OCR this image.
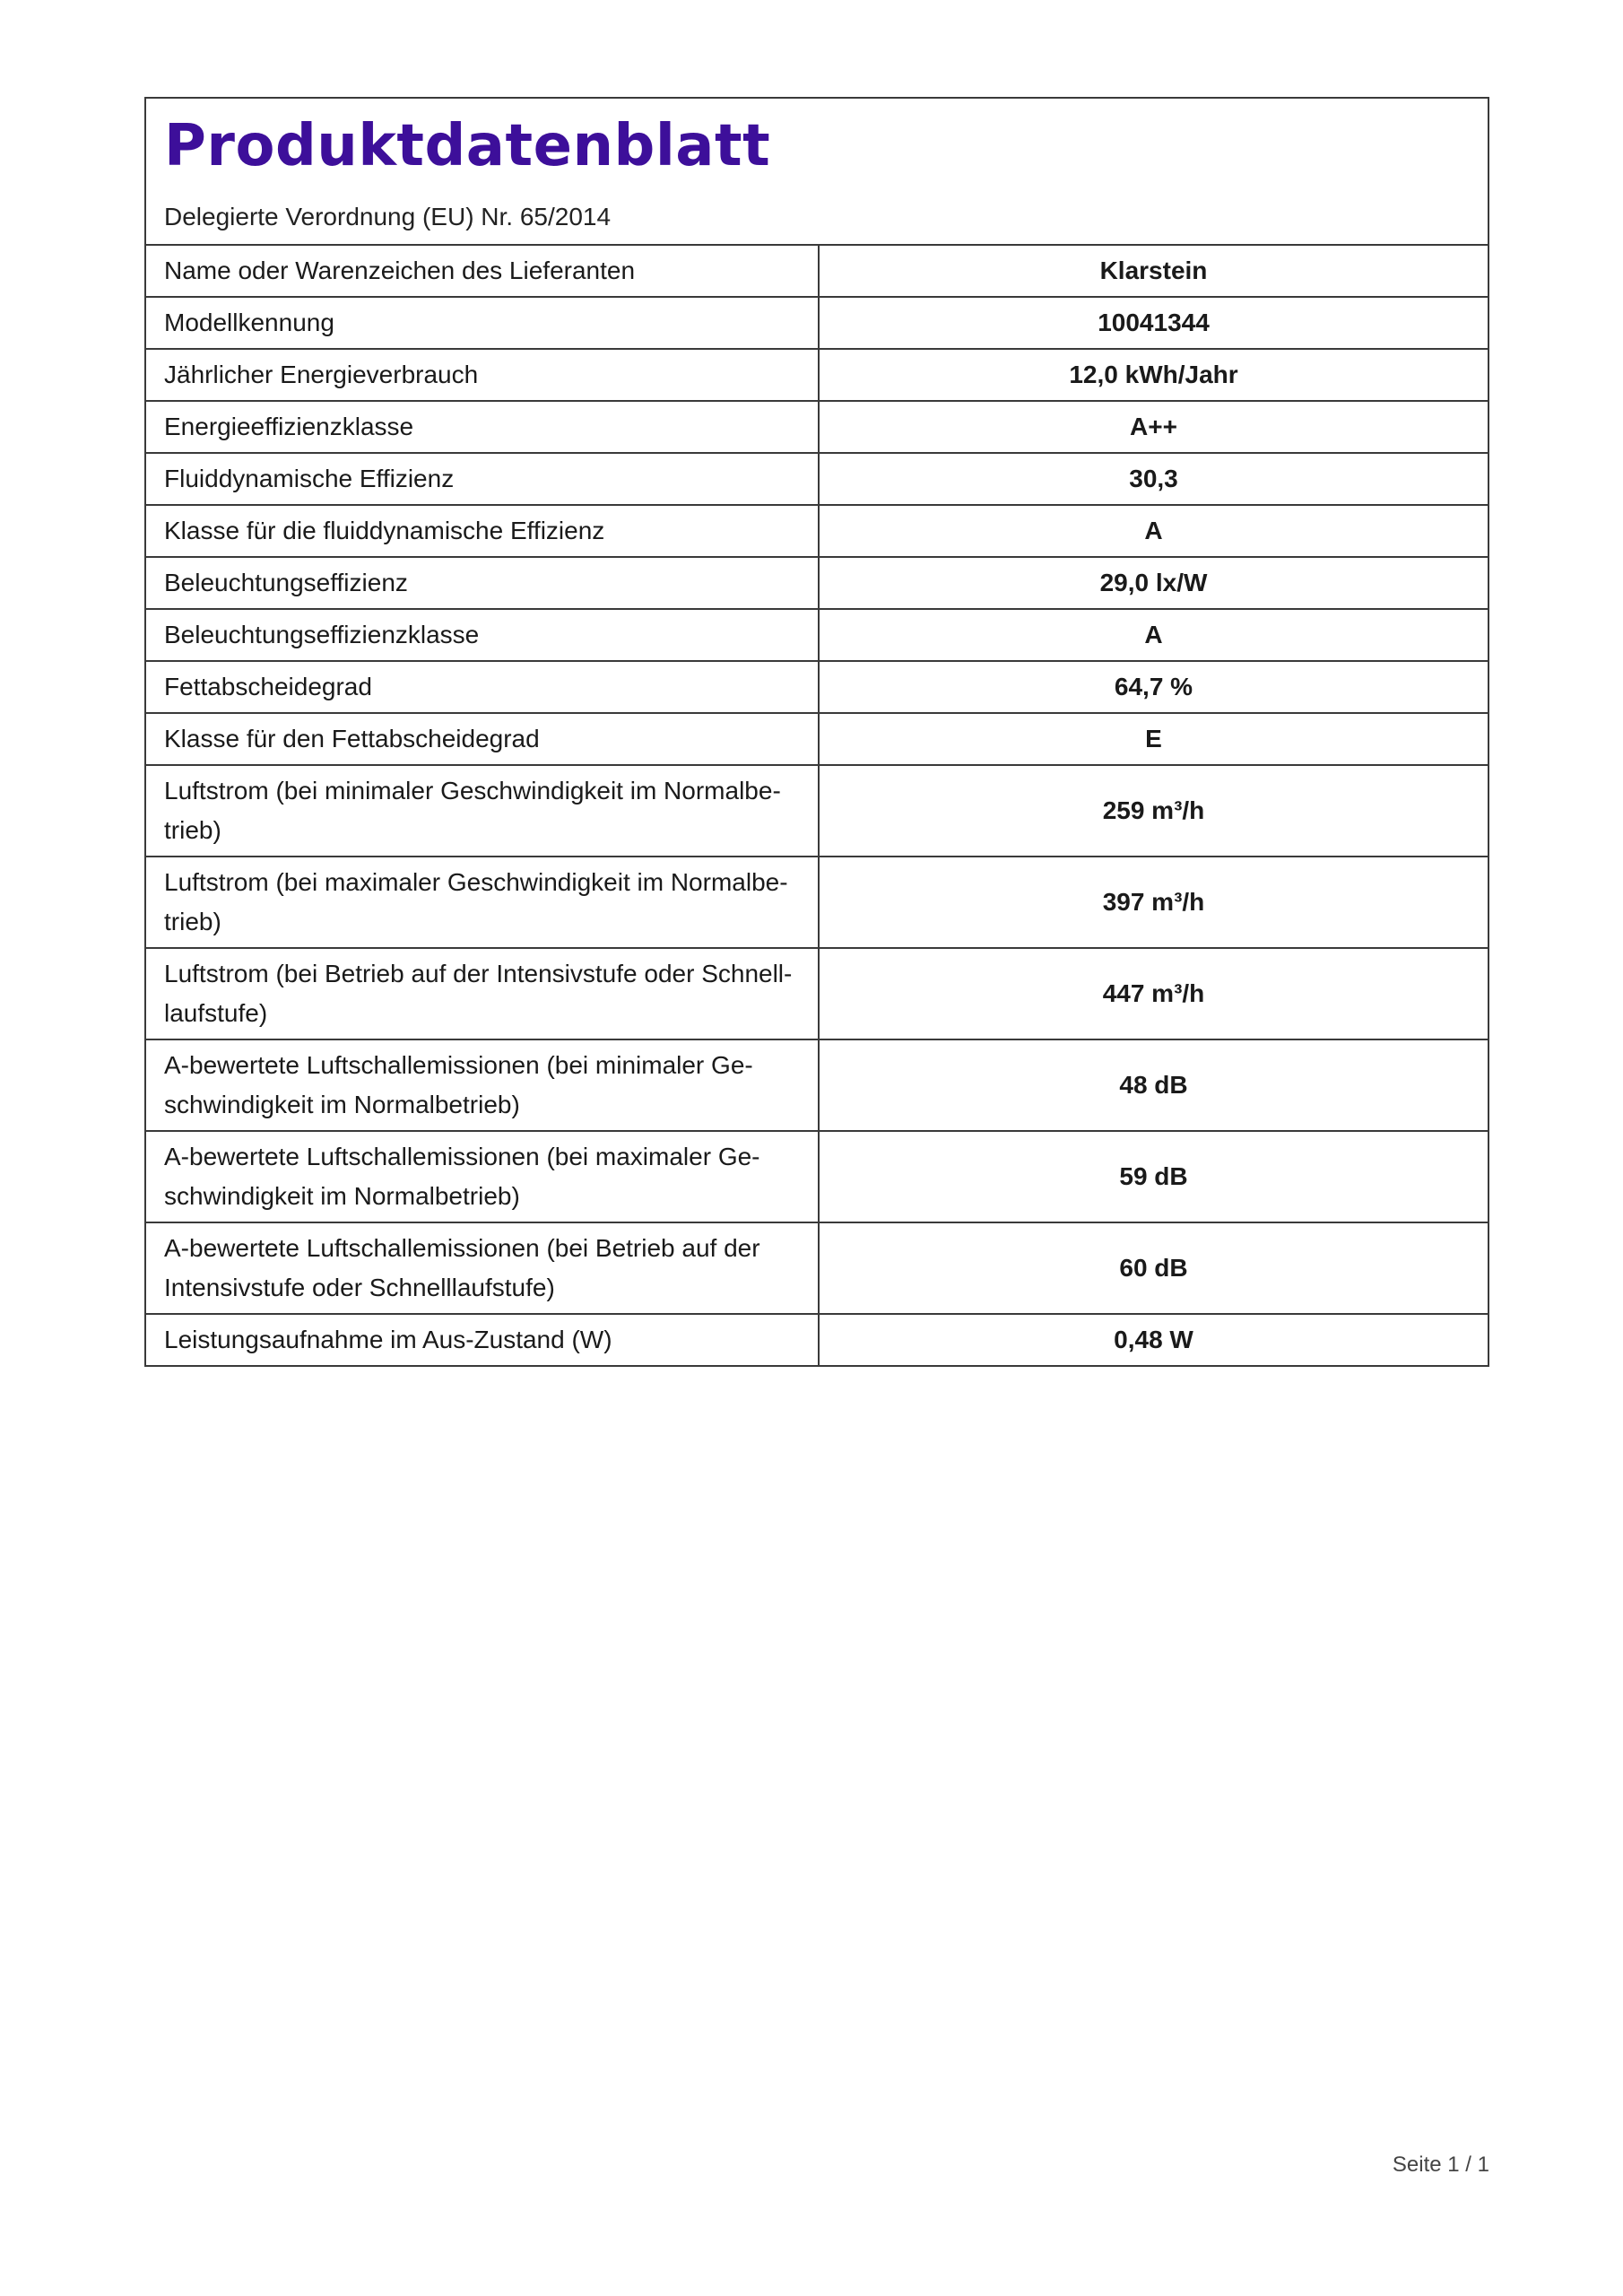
Produktdatenblatt
Delegierte Verordnung (EU) Nr. 65/2014
Name oder Warenzeichen des Lieferanten	Klarstein
Modellkennung	10041344
Jährlicher Energieverbrauch	12,0 kWh/Jahr
Energieeffizienzklasse	A++
Fluiddynamische Effizienz	30,3
Klasse für die fluiddynamische Effizienz	A
Beleuchtungseffizienz	29,0 lx/W
Beleuchtungseffizienzklasse	A
Fettabscheidegrad	64,7 %
Klasse für den Fettabscheidegrad	E
Luftstrom (bei minimaler Geschwindigkeit im Normalbe-trieb)	259 m³/h
Luftstrom (bei maximaler Geschwindigkeit im Normalbe-trieb)	397 m³/h
Luftstrom (bei Betrieb auf der Intensivstufe oder Schnell-laufstufe)	447 m³/h
A-bewertete Luftschallemissionen (bei minimaler Ge-schwindigkeit im Normalbetrieb)	48 dB
A-bewertete Luftschallemissionen (bei maximaler Ge-schwindigkeit im Normalbetrieb)	59 dB
A-bewertete Luftschallemissionen (bei Betrieb auf der Intensivstufe oder Schnelllaufstufe)	60 dB
Leistungsaufnahme im Aus-Zustand (W)	0,48 W
Seite 1 / 1
